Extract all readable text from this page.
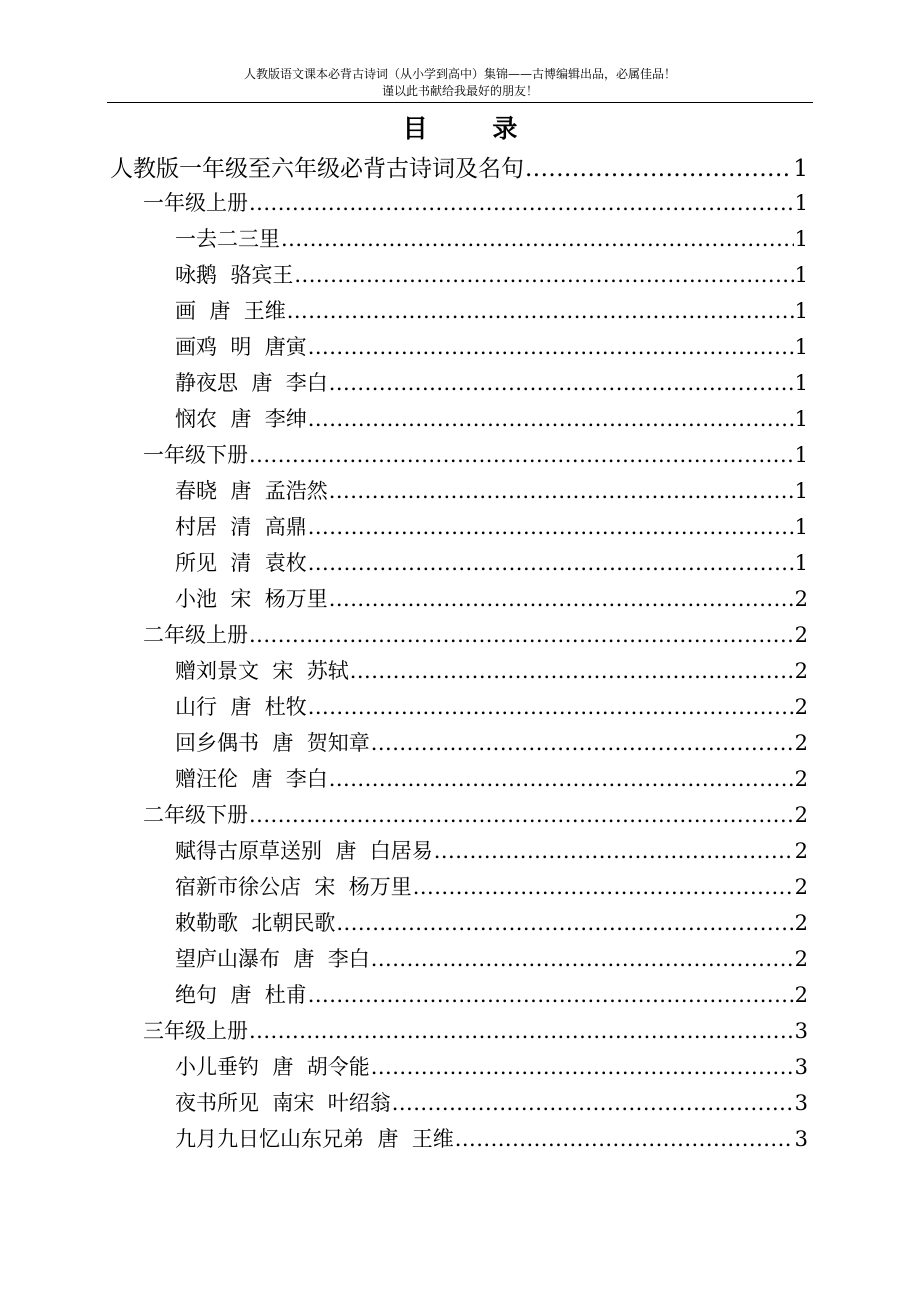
人教版语文课本必背古诗词（从小学到高中）集锦——古博编辑出品，必属佳品！
谨以此书献给我最好的朋友！
目 录
人教版一年级至六年级必背古诗词及名句 .....	1
一年级上册 .....	1
一去二三里 .....	1
咏鹅  骆宾王 .....	1
画  唐  王维 .....	1
画鸡  明  唐寅 .....	1
静夜思  唐  李白 .....	1
悯农  唐  李绅 .....	1
一年级下册 .....	1
春晓  唐  孟浩然 .....	1
村居  清  高鼎 .....	1
所见  清  袁枚 .....	1
小池  宋  杨万里 .....	2
二年级上册 .....	2
赠刘景文  宋  苏轼 .....	2
山行  唐  杜牧 .....	2
回乡偶书  唐  贺知章 .....	2
赠汪伦  唐  李白 .....	2
二年级下册 .....	2
赋得古原草送别  唐  白居易 .....	2
宿新市徐公店  宋  杨万里 .....	2
敕勒歌  北朝民歌 .....	2
望庐山瀑布  唐  李白 .....	2
绝句  唐  杜甫 .....	2
三年级上册 .....	3
小儿垂钓  唐  胡令能 .....	3
夜书所见  南宋  叶绍翁 .....	3
九月九日忆山东兄弟  唐  王维 .....	3
